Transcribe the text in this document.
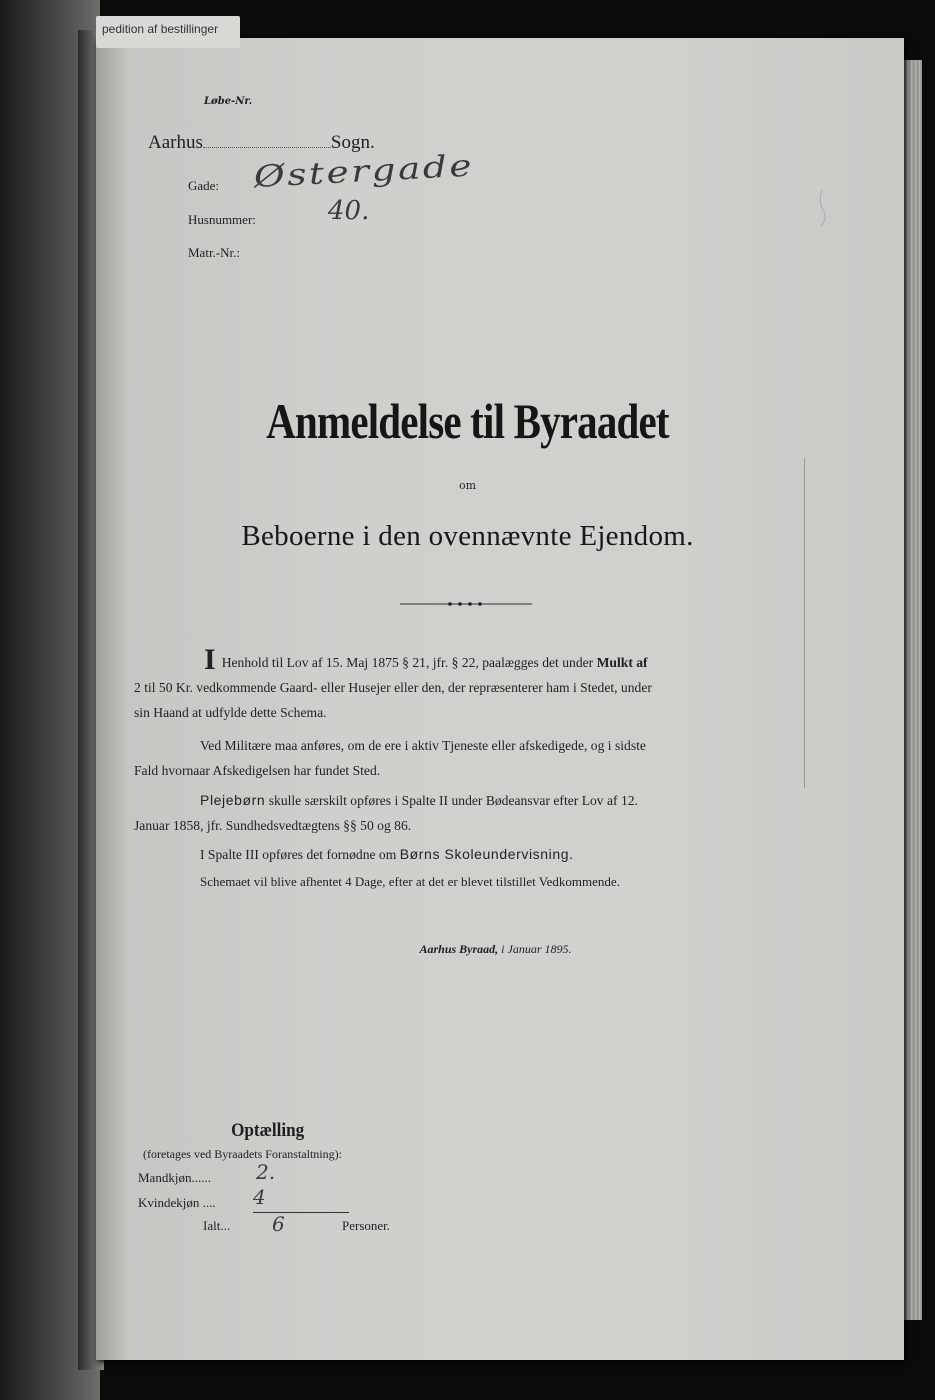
Løbe-Nr.
Aarhus	Sogn.
Gade: Østergade
Husnummer:	40.
Matr.-Nr.:
pedition af bestillinger
Anmeldelse til Byraadet
om
Beboerne i den ovennævnte Ejendom.
I Henhold til Lov af 15. Maj 1875 § 21, jfr. § 22, paalægges det under Mulkt af
2 til 50 Kr. vedkommende Gaard- eller Husejer eller den, der repræsenterer ham i Stedet, under
sin Haand at udfylde dette Schema.
Ved Militære maa anføres, om de ere i aktiv Tjeneste eller afskedigede, og i sidste
Fald hvornaar Afskedigelsen har fundet Sted.
Plejebørn skulle særskilt opføres i Spalte II under Bødeansvar efter Lov af 12.
Januar 1858, jfr. Sundhedsvedtægtens §§ 50 og 86.
I Spalte III opføres det fornødne om Børns Skoleundervisning.
Schemaet vil blive afhentet 4 Dage, efter at det er blevet tilstillet Vedkommende.
Aarhus Byraad, i Januar 1895.
Optælling
(foretages ved Byraadets Foranstaltning):
Mandkjøn...... 2.
Kvindekjøn .... 4
Ialt... 6	Personer.
